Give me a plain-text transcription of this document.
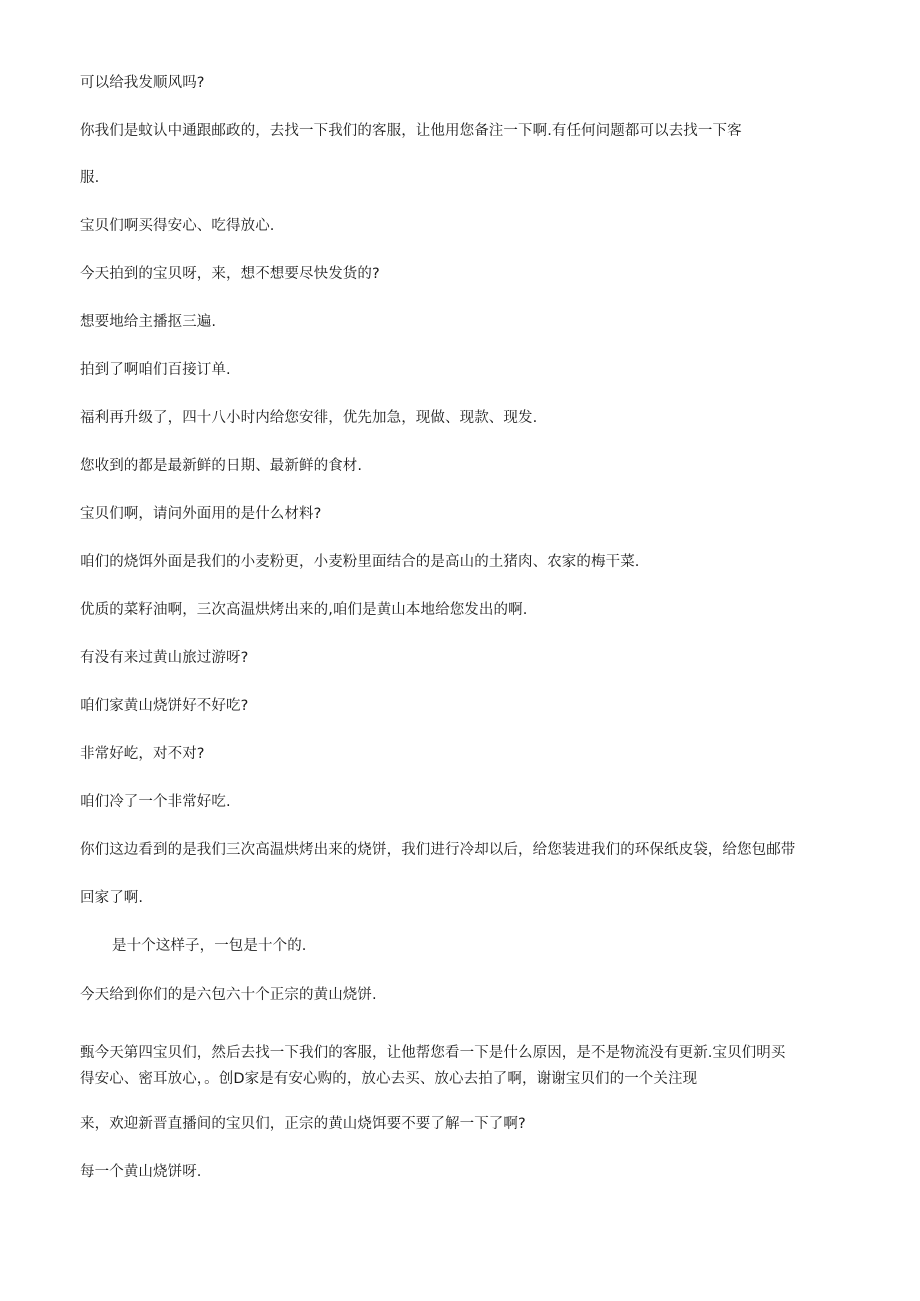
可以给我发顺风吗?
你我们是蚊认中通跟邮政的，去找一下我们的客服，让他用您备注一下啊.有任何问题都可以去找一下客
服.
宝贝们啊买得安心、吃得放心.
今天拍到的宝贝呀，来，想不想要尽快发货的?
想要地给主播抠三遍.
拍到了啊咱们百接订单.
福利再升级了，四十八小时内给您安徘，优先加急，现做、现款、现发.
您收到的都是最新鲜的日期、最新鲜的食材.
宝贝们啊，请问外面用的是什么材料?
咱们的烧饵外面是我们的小麦粉更，小麦粉里面结合的是高山的土猪肉、农家的梅干菜.
优质的菜籽油啊，三次高温烘烤出来的,咱们是黄山本地给您发出的啊.
有没有来过黄山旅过游呀?
咱们家黄山烧饼好不好吃?
非常好屹，对不对?
咱们冷了一个非常好吃.
你们这边看到的是我们三次高温烘烤出来的烧饼，我们进行冷却以后，给您装进我们的环保纸皮袋，给您包邮带
回家了啊.
是十个这样子，一包是十个的.
今天给到你们的是六包六十个正宗的黄山烧饼.
甄今天第四宝贝们，然后去找一下我们的客服，让他帮您看一下是什么原因，是不是物流没有更新.宝贝们明买
得安心、密耳放心，。创D家是有安心购的，放心去买、放心去拍了啊，谢谢宝贝们的一个关注现
来，欢迎新晋直播间的宝贝们，正宗的黄山烧饵要不要了解一下了啊?
每一个黄山烧饼呀.
